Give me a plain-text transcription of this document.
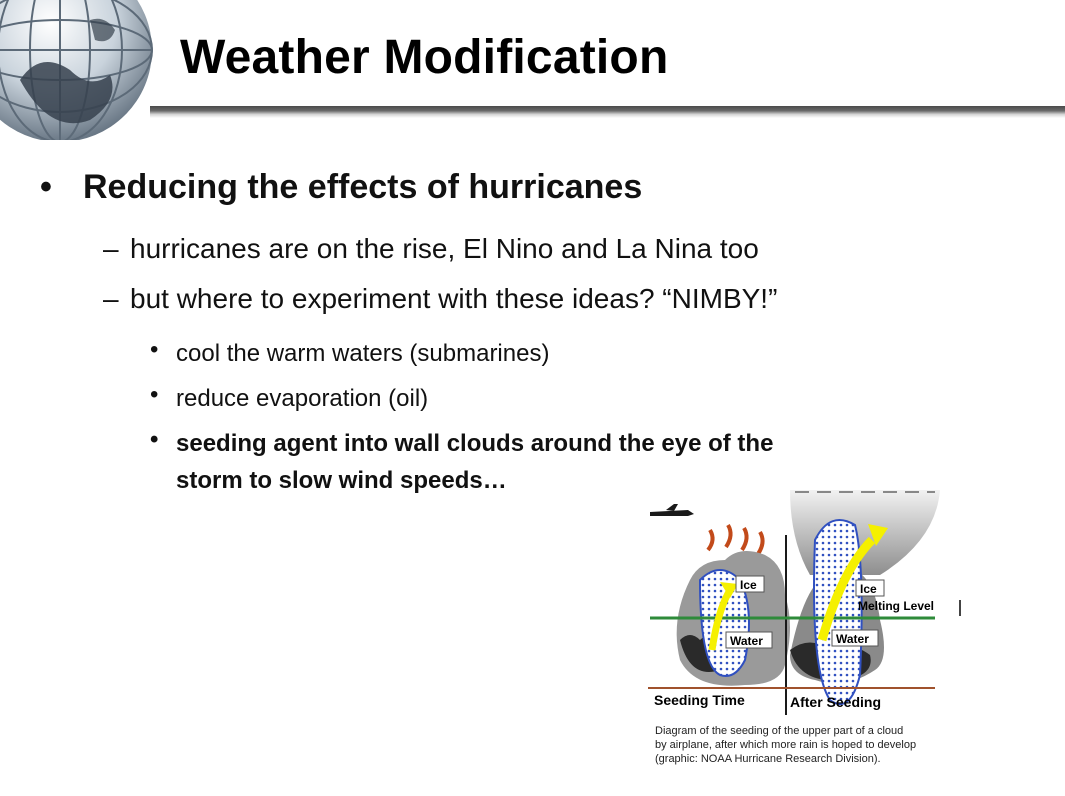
Weather Modification
• Reducing the effects of hurricanes
– hurricanes are on the rise, El Nino and La Nina too
– but where to experiment with these ideas? “NIMBY!”
• cool the warm waters (submarines)
• reduce evaporation (oil)
• seeding agent into wall clouds around the eye of the
storm to slow wind speeds…
Ice
Water
Ice
Melting Level
Water
Seeding Time	After Seeding
Diagram of the seeding of the upper part of a cloud
by airplane, after which more rain is hoped to develop
(graphic: NOAA Hurricane Research Division).
